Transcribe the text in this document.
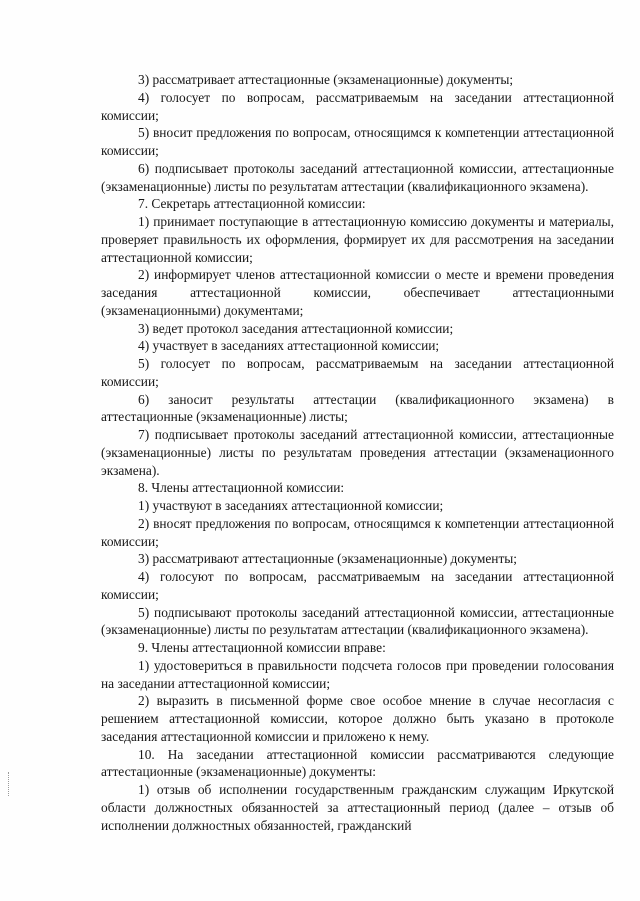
3) рассматривает аттестационные (экзаменационные) документы;

4) голосует по вопросам, рассматриваемым на заседании аттестационной комиссии;

5) вносит предложения по вопросам, относящимся к компетенции аттестационной комиссии;

6) подписывает протоколы заседаний аттестационной комиссии, аттестационные (экзаменационные) листы по результатам аттестации (квалификационного экзамена).

7. Секретарь аттестационной комиссии:

1) принимает поступающие в аттестационную комиссию документы и материалы, проверяет правильность их оформления, формирует их для рассмотрения на заседании аттестационной комиссии;

2) информирует членов аттестационной комиссии о месте и времени проведения заседания аттестационной комиссии, обеспечивает аттестационными (экзаменационными) документами;

3) ведет протокол заседания аттестационной комиссии;

4) участвует в заседаниях аттестационной комиссии;

5) голосует по вопросам, рассматриваемым на заседании аттестационной комиссии;

6) заносит результаты аттестации (квалификационного экзамена) в аттестационные (экзаменационные) листы;

7) подписывает протоколы заседаний аттестационной комиссии, аттестационные (экзаменационные) листы по результатам проведения аттестации (экзаменационного экзамена).

8. Члены аттестационной комиссии:

1) участвуют в заседаниях аттестационной комиссии;

2) вносят предложения по вопросам, относящимся к компетенции аттестационной комиссии;

3) рассматривают аттестационные (экзаменационные) документы;

4) голосуют по вопросам, рассматриваемым на заседании аттестационной комиссии;

5) подписывают протоколы заседаний аттестационной комиссии, аттестационные (экзаменационные) листы по результатам аттестации (квалификационного экзамена).

9. Члены аттестационной комиссии вправе:

1) удостовериться в правильности подсчета голосов при проведении голосования на заседании аттестационной комиссии;

2) выразить в письменной форме свое особое мнение в случае несогласия с решением аттестационной комиссии, которое должно быть указано в протоколе заседания аттестационной комиссии и приложено к нему.

10. На заседании аттестационной комиссии рассматриваются следующие аттестационные (экзаменационные) документы:

1) отзыв об исполнении государственным гражданским служащим Иркутской области должностных обязанностей за аттестационный период (далее – отзыв об исполнении должностных обязанностей, гражданский
